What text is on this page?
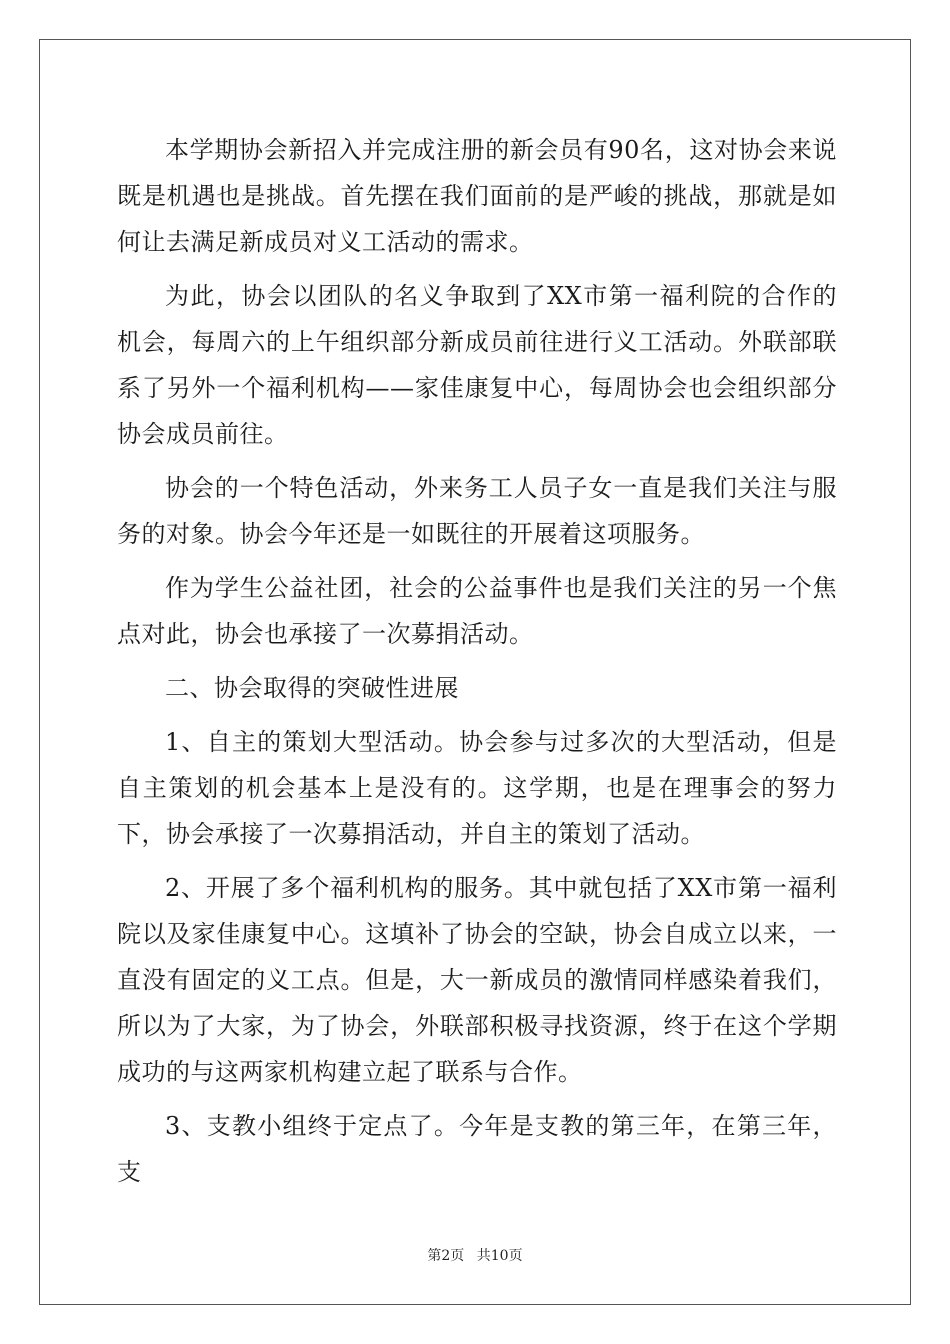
本学期协会新招入并完成注册的新会员有90名，这对协会来说既是机遇也是挑战。首先摆在我们面前的是严峻的挑战，那就是如何让去满足新成员对义工活动的需求。

为此，协会以团队的名义争取到了XX市第一福利院的合作的机会，每周六的上午组织部分新成员前往进行义工活动。外联部联系了另外一个福利机构——家佳康复中心，每周协会也会组织部分协会成员前往。

协会的一个特色活动，外来务工人员子女一直是我们关注与服务的对象。协会今年还是一如既往的开展着这项服务。

作为学生公益社团，社会的公益事件也是我们关注的另一个焦点对此，协会也承接了一次募捐活动。

二、协会取得的突破性进展

1、自主的策划大型活动。协会参与过多次的大型活动，但是自主策划的机会基本上是没有的。这学期，也是在理事会的努力下，协会承接了一次募捐活动，并自主的策划了活动。

2、开展了多个福利机构的服务。其中就包括了XX市第一福利院以及家佳康复中心。这填补了协会的空缺，协会自成立以来，一直没有固定的义工点。但是，大一新成员的激情同样感染着我们，所以为了大家，为了协会，外联部积极寻找资源，终于在这个学期成功的与这两家机构建立起了联系与合作。

3、支教小组终于定点了。今年是支教的第三年，在第三年，支

第2页 共10页
